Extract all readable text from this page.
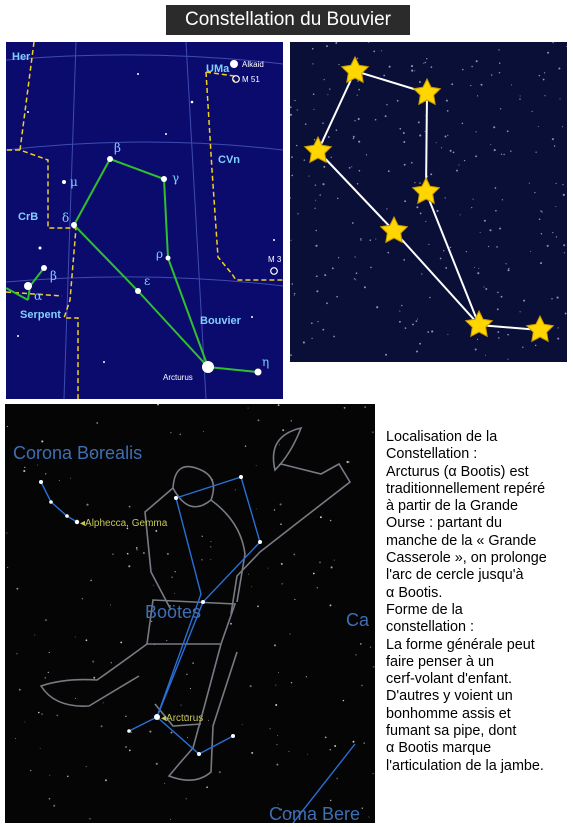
Constellation du Bouvier
Her
UMa
CVn
CrB
Serpent	Bouvier
β
γ
δ
ρ
ε
μ
β
α
η
Alkaid
M 51
M 3
Arcturus
Corona Borealis
Boötes	Ca
Coma Bere
◂Alphecca, Gemma
◂Arcturus
Localisation de la
Constellation :
Arcturus (α Bootis) est
traditionnellement repéré
à partir de la Grande
Ourse : partant du
manche de la « Grande
Casserole », on prolonge
l'arc de cercle jusqu'à
α Bootis.
Forme de la
constellation :
La forme générale peut
faire penser à un
cerf-volant d'enfant.
D'autres y voient un
bonhomme assis et
fumant sa pipe, dont
α Bootis marque
l'articulation de la jambe.
